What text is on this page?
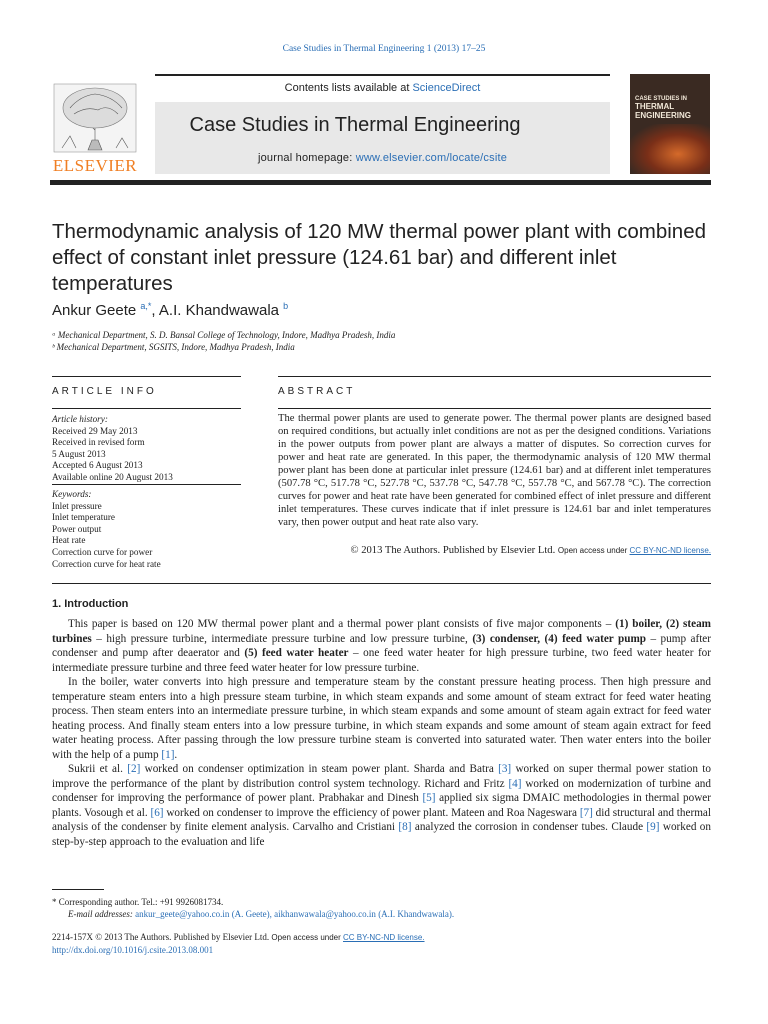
Case Studies in Thermal Engineering 1 (2013) 17–25
ELSEVIER
Contents lists available at ScienceDirect
Case Studies in Thermal Engineering
journal homepage: www.elsevier.com/locate/csite
CASE STUDIES IN
THERMAL
ENGINEERING
Thermodynamic analysis of 120 MW thermal power plant with combined effect of constant inlet pressure (124.61 bar) and different inlet temperatures
Ankur Geete $^{a,*}$, A.I. Khandwawala $^b$
ᵃ Mechanical Department, S. D. Bansal College of Technology, Indore, Madhya Pradesh, India
ᵇ Mechanical Department, SGSITS, Indore, Madhya Pradesh, India
ARTICLE INFO
Article history:
Received 29 May 2013
Received in revised form
5 August 2013
Accepted 6 August 2013
Available online 20 August 2013
Keywords:
Inlet pressure
Inlet temperature
Power output
Heat rate
Correction curve for power
Correction curve for heat rate
ABSTRACT
The thermal power plants are used to generate power. The thermal power plants are designed based on required conditions, but actually inlet conditions are not as per the designed conditions. Variations in the power outputs from power plant are always a matter of disputes. So correction curves for power and heat rate are generated. In this paper, the thermodynamic analysis of 120 MW thermal power plant has been done at particular inlet pressure (124.61 bar) and at different inlet temperatures (507.78 °C, 517.78 °C, 527.78 °C, 537.78 °C, 547.78 °C, 557.78 °C, and 567.78 °C). The correction curves for power and heat rate have been generated for combined effect of inlet pressure and different inlet temperatures. These curves indicate that if inlet pressure is 124.61 bar and inlet temperatures vary, then power output and heat rate also vary.
© 2013 The Authors. Published by Elsevier Ltd. Open access under CC BY-NC-ND license.
1. Introduction

This paper is based on 120 MW thermal power plant and a thermal power plant consists of five major components – (1) boiler, (2) steam turbines – high pressure turbine, intermediate pressure turbine and low pressure turbine, (3) condenser, (4) feed water pump – pump after condenser and pump after deaerator and (5) feed water heater – one feed water heater for high pressure turbine, two feed water heater for intermediate pressure turbine and three feed water heater for low pressure turbine.

In the boiler, water converts into high pressure and temperature steam by the constant pressure heating process. Then high pressure and temperature steam enters into a high pressure steam turbine, in which steam expands and some amount of steam extract for feed water heating process. Then steam enters into an intermediate pressure turbine, in which steam expands and some amount of steam again extract for feed water heating process. And finally steam enters into a low pressure turbine, in which steam expands and some amount of steam again extract for feed water heating process. After passing through the low pressure turbine steam is converted into saturated water. Then water enters into the boiler with the help of a pump [1].

Sukrii et al. [2] worked on condenser optimization in steam power plant. Sharda and Batra [3] worked on super thermal power station to improve the performance of the plant by distribution control system technology. Richard and Fritz [4] worked on modernization of turbine and condenser for improving the performance of power plant. Prabhakar and Dinesh [5] applied six sigma DMAIC methodologies in thermal power plants. Vosough et al. [6] worked on condenser to improve the efficiency of power plant. Mateen and Roa Nageswara [7] did structural and thermal analysis of the condenser by finite element analysis. Carvalho and Cristiani [8] analyzed the corrosion in condenser tubes. Claude [9] worked on step-by-step approach to the evaluation and life

* Corresponding author. Tel.: +91 9926081734.
E-mail addresses: ankur_geete@yahoo.co.in (A. Geete), aikhanwawala@yahoo.co.in (A.I. Khandwawala).
2214-157X © 2013 The Authors. Published by Elsevier Ltd. Open access under CC BY-NC-ND license.
http://dx.doi.org/10.1016/j.csite.2013.08.001
